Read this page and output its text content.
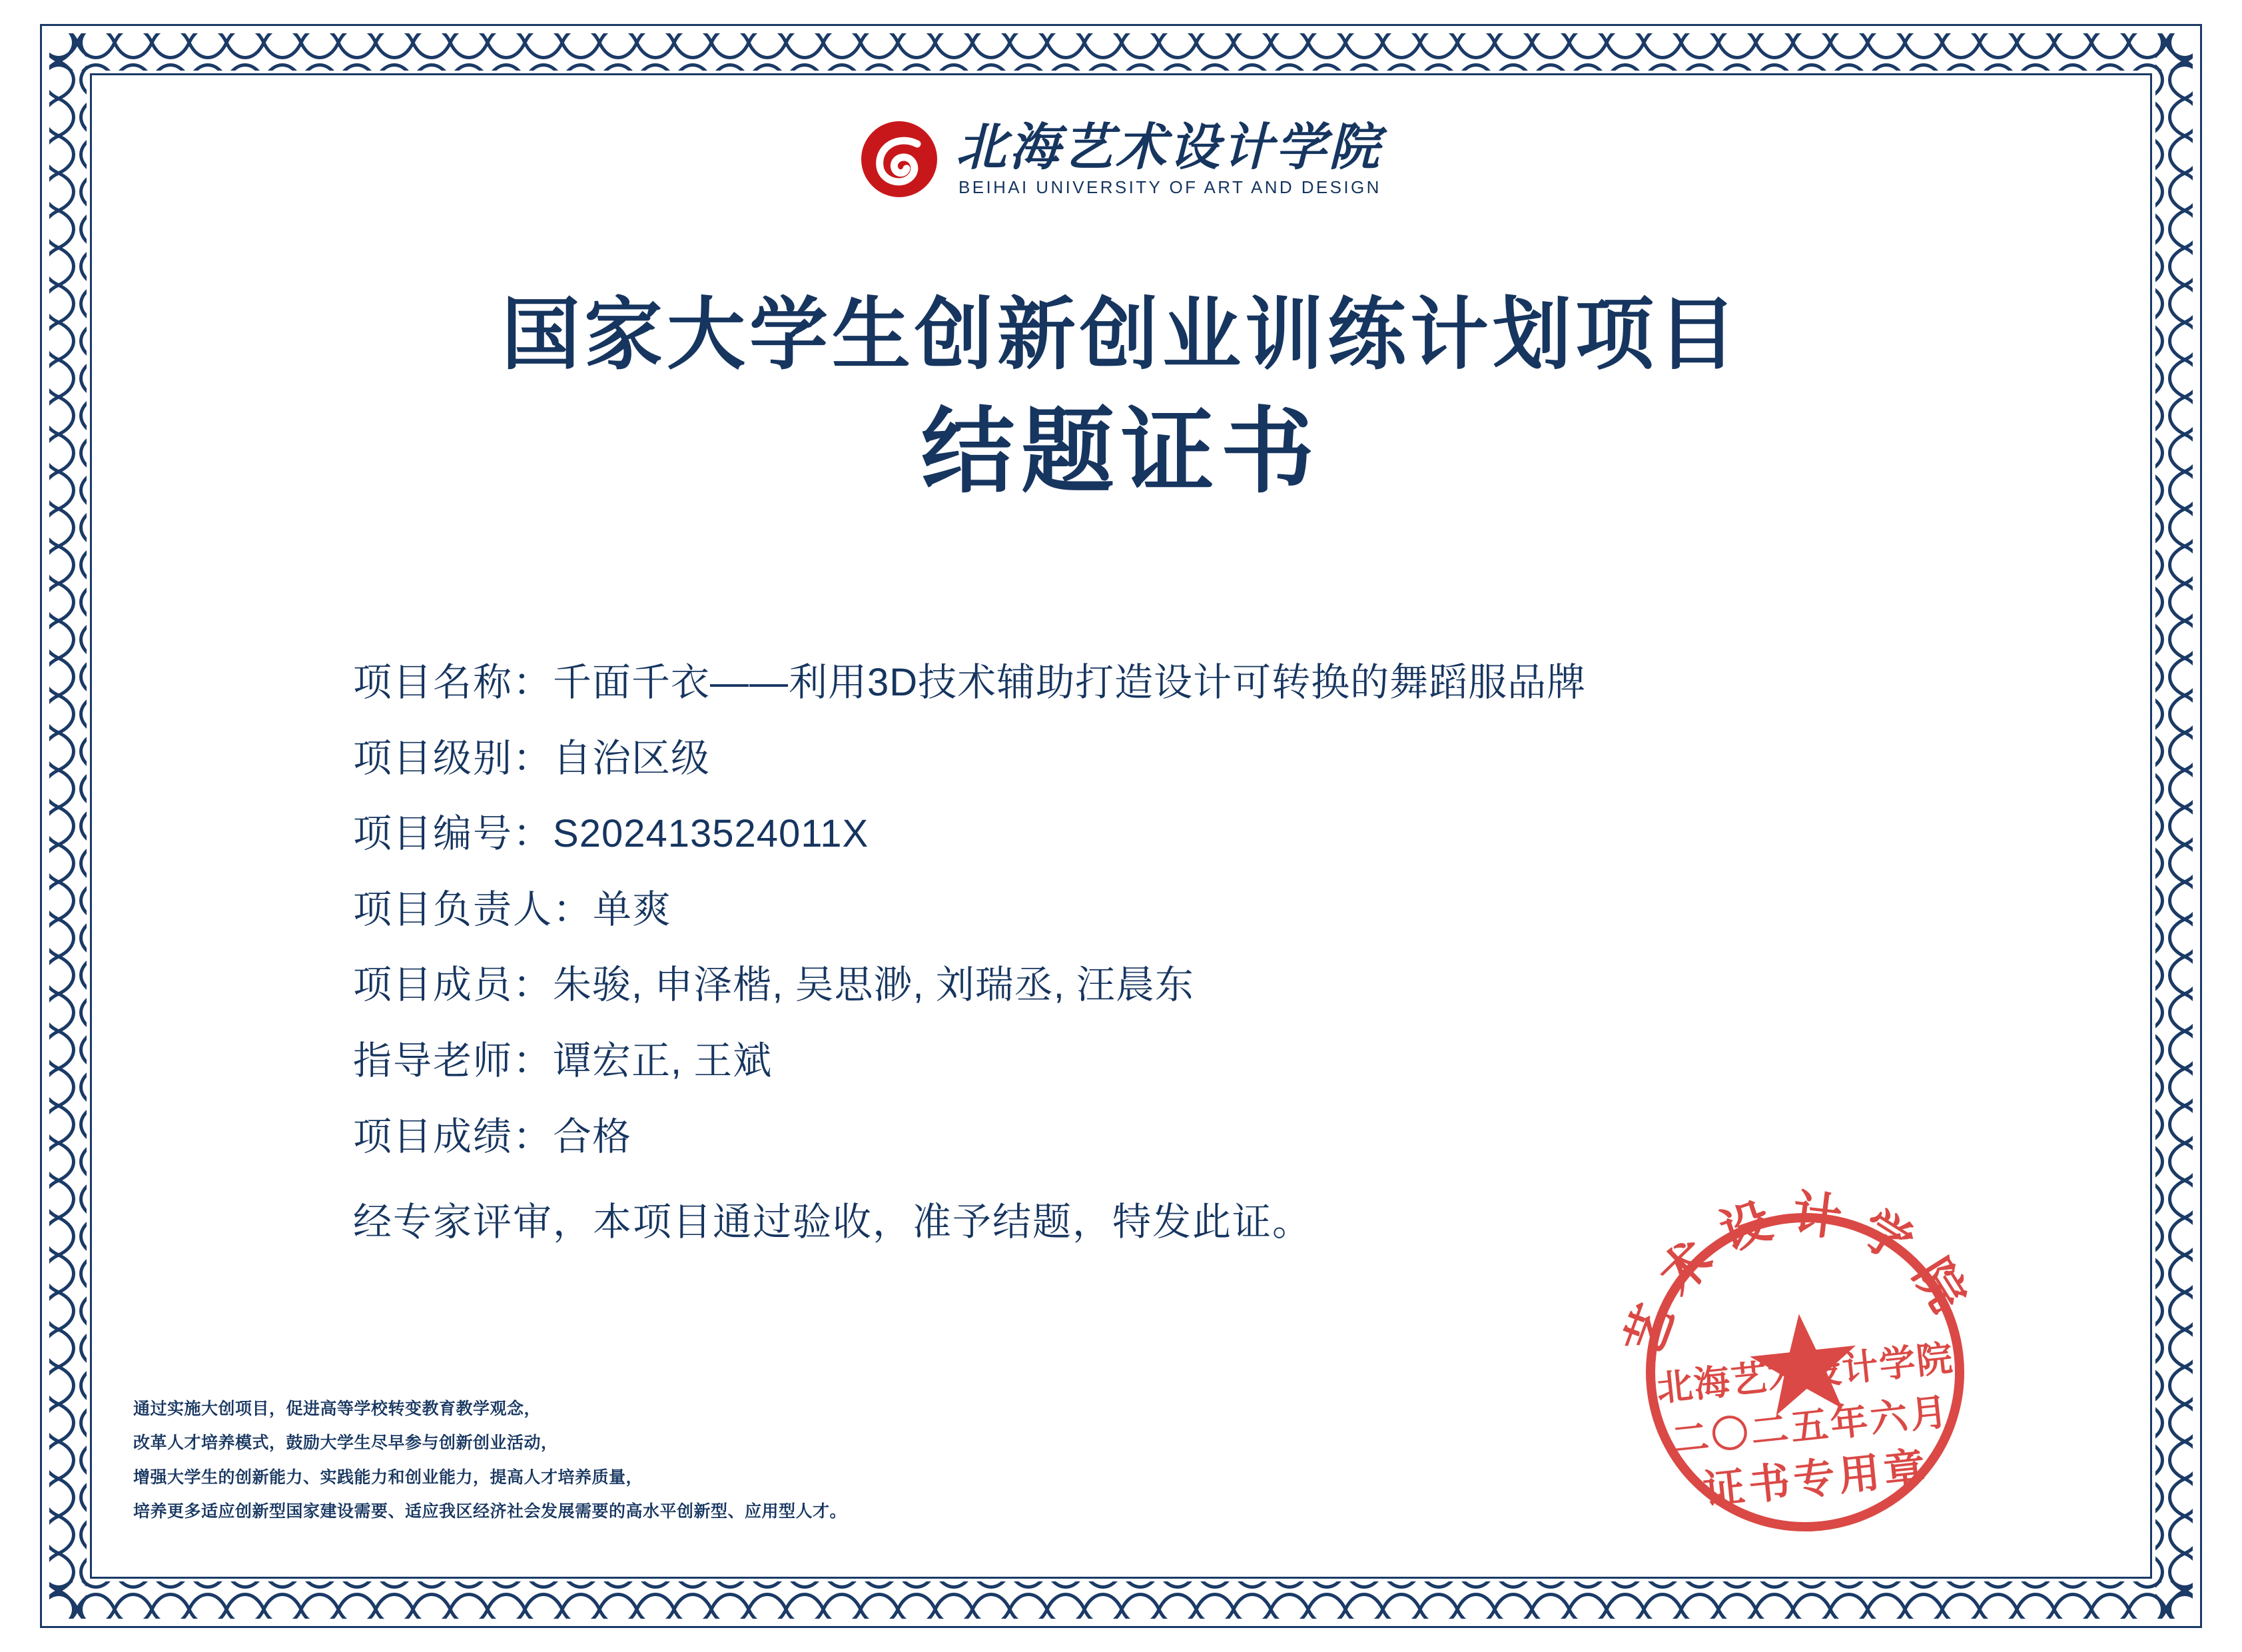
北海艺术设计学院
BEIHAI UNIVERSITY OF ART AND DESIGN
国家大学生创新创业训练计划项目
结题证书
项目名称： 千面千衣——利用3D技术辅助打造设计可转换的舞蹈服品牌
项目级别： 自治区级
项目编号： S202413524011X
项目负责人： 单爽
项目成员： 朱骏, 申泽楷, 吴思渺, 刘瑞丞, 汪晨东
指导老师： 谭宏正, 王斌
项目成绩： 合格
经专家评审，本项目通过验收，准予结题，特发此证。
通过实施大创项目，促进高等学校转变教育教学观念，
改革人才培养模式，鼓励大学生尽早参与创新创业活动，
增强大学生的创新能力、实践能力和创业能力，提高人才培养质量，
培养更多适应创新型国家建设需要、适应我区经济社会发展需要的高水平创新型、应用型人才。
艺术设计学院
北海艺术设计学院
二〇二五年六月
证书专用章
